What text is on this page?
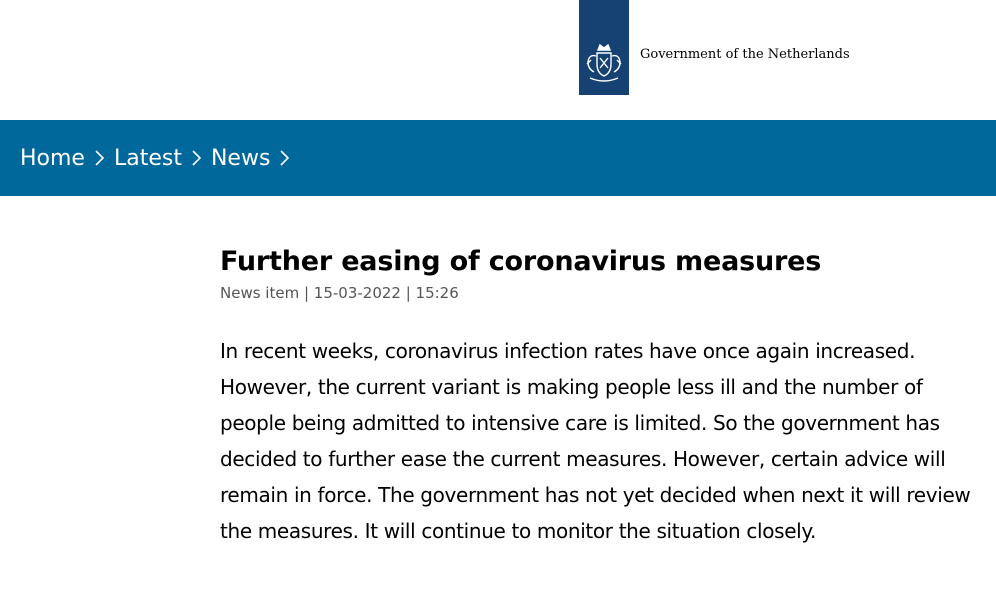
Government of the Netherlands
Home Latest News
Further easing of coronavirus measures
News item | 15-03-2022 | 15:26

In recent weeks, coronavirus infection rates have once again increased. However, the current variant is making people less ill and the number of people being admitted to intensive care is limited. So the government has decided to further ease the current measures. However, certain advice will remain in force. The government has not yet decided when next it will review the measures. It will continue to monitor the situation closely.
